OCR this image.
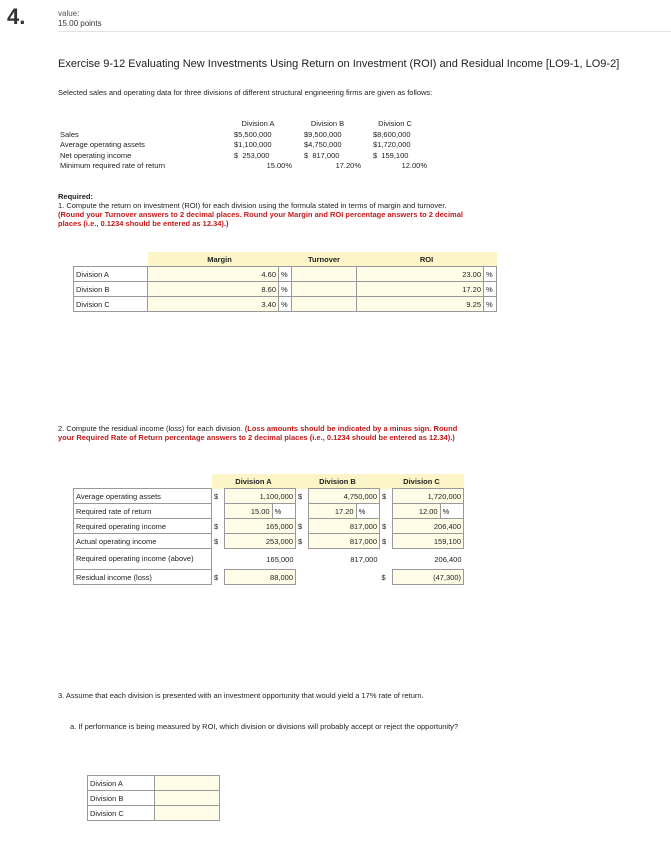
4.	value:
15.00 points
Exercise 9-12 Evaluating New Investments Using Return on Investment (ROI) and Residual Income [LO9-1, LO9-2]
Selected sales and operating data for three divisions of different structural engineering firms are given as follows:
	Division A	Division B	Division C
Sales	$5,500,000	$9,500,000	$8,600,000
Average operating assets	$1,100,000	$4,750,000	$1,720,000
Net operating income	$  253,000	$  817,000	$  159,100
Minimum required rate of return	15.00%	17.20%	12.00%
Required:
1. Compute the return on investment (ROI) for each division using the formula stated in terms of margin and turnover. (Round your Turnover answers to 2 decimal places. Round your Margin and ROI percentage answers to 2 decimal places (i.e., 0.1234 should be entered as 12.34).)
	Margin		Turnover	ROI	
Division A	4.60	%		23.00	%
Division B	8.60	%		17.20	%
Division C	3.40	%		9.25	%
2. Compute the residual income (loss) for each division. (Loss amounts should be indicated by a minus sign. Round your Required Rate of Return percentage answers to 2 decimal places (i.e., 0.1234 should be entered as 12.34).)
	Division A			Division B			Division C		
Average operating assets	$	1,100,000		$	4,750,000		$	1,720,000	
Required rate of return		15.00	%		17.20	%		12.00	%
Required operating income	$	165,000		$	817,000		$	206,400	
Actual operating income	$	253,000		$	817,000		$	159,100	
Required operating income (above)		165,000			817,000			206,400	
Residual income (loss)	$	88,000					$	(47,300)	
3. Assume that each division is presented with an investment opportunity that would yield a 17% rate of return.
a. If performance is being measured by ROI, which division or divisions will probably accept or reject the opportunity?
Division A	
Division B	
Division C	
